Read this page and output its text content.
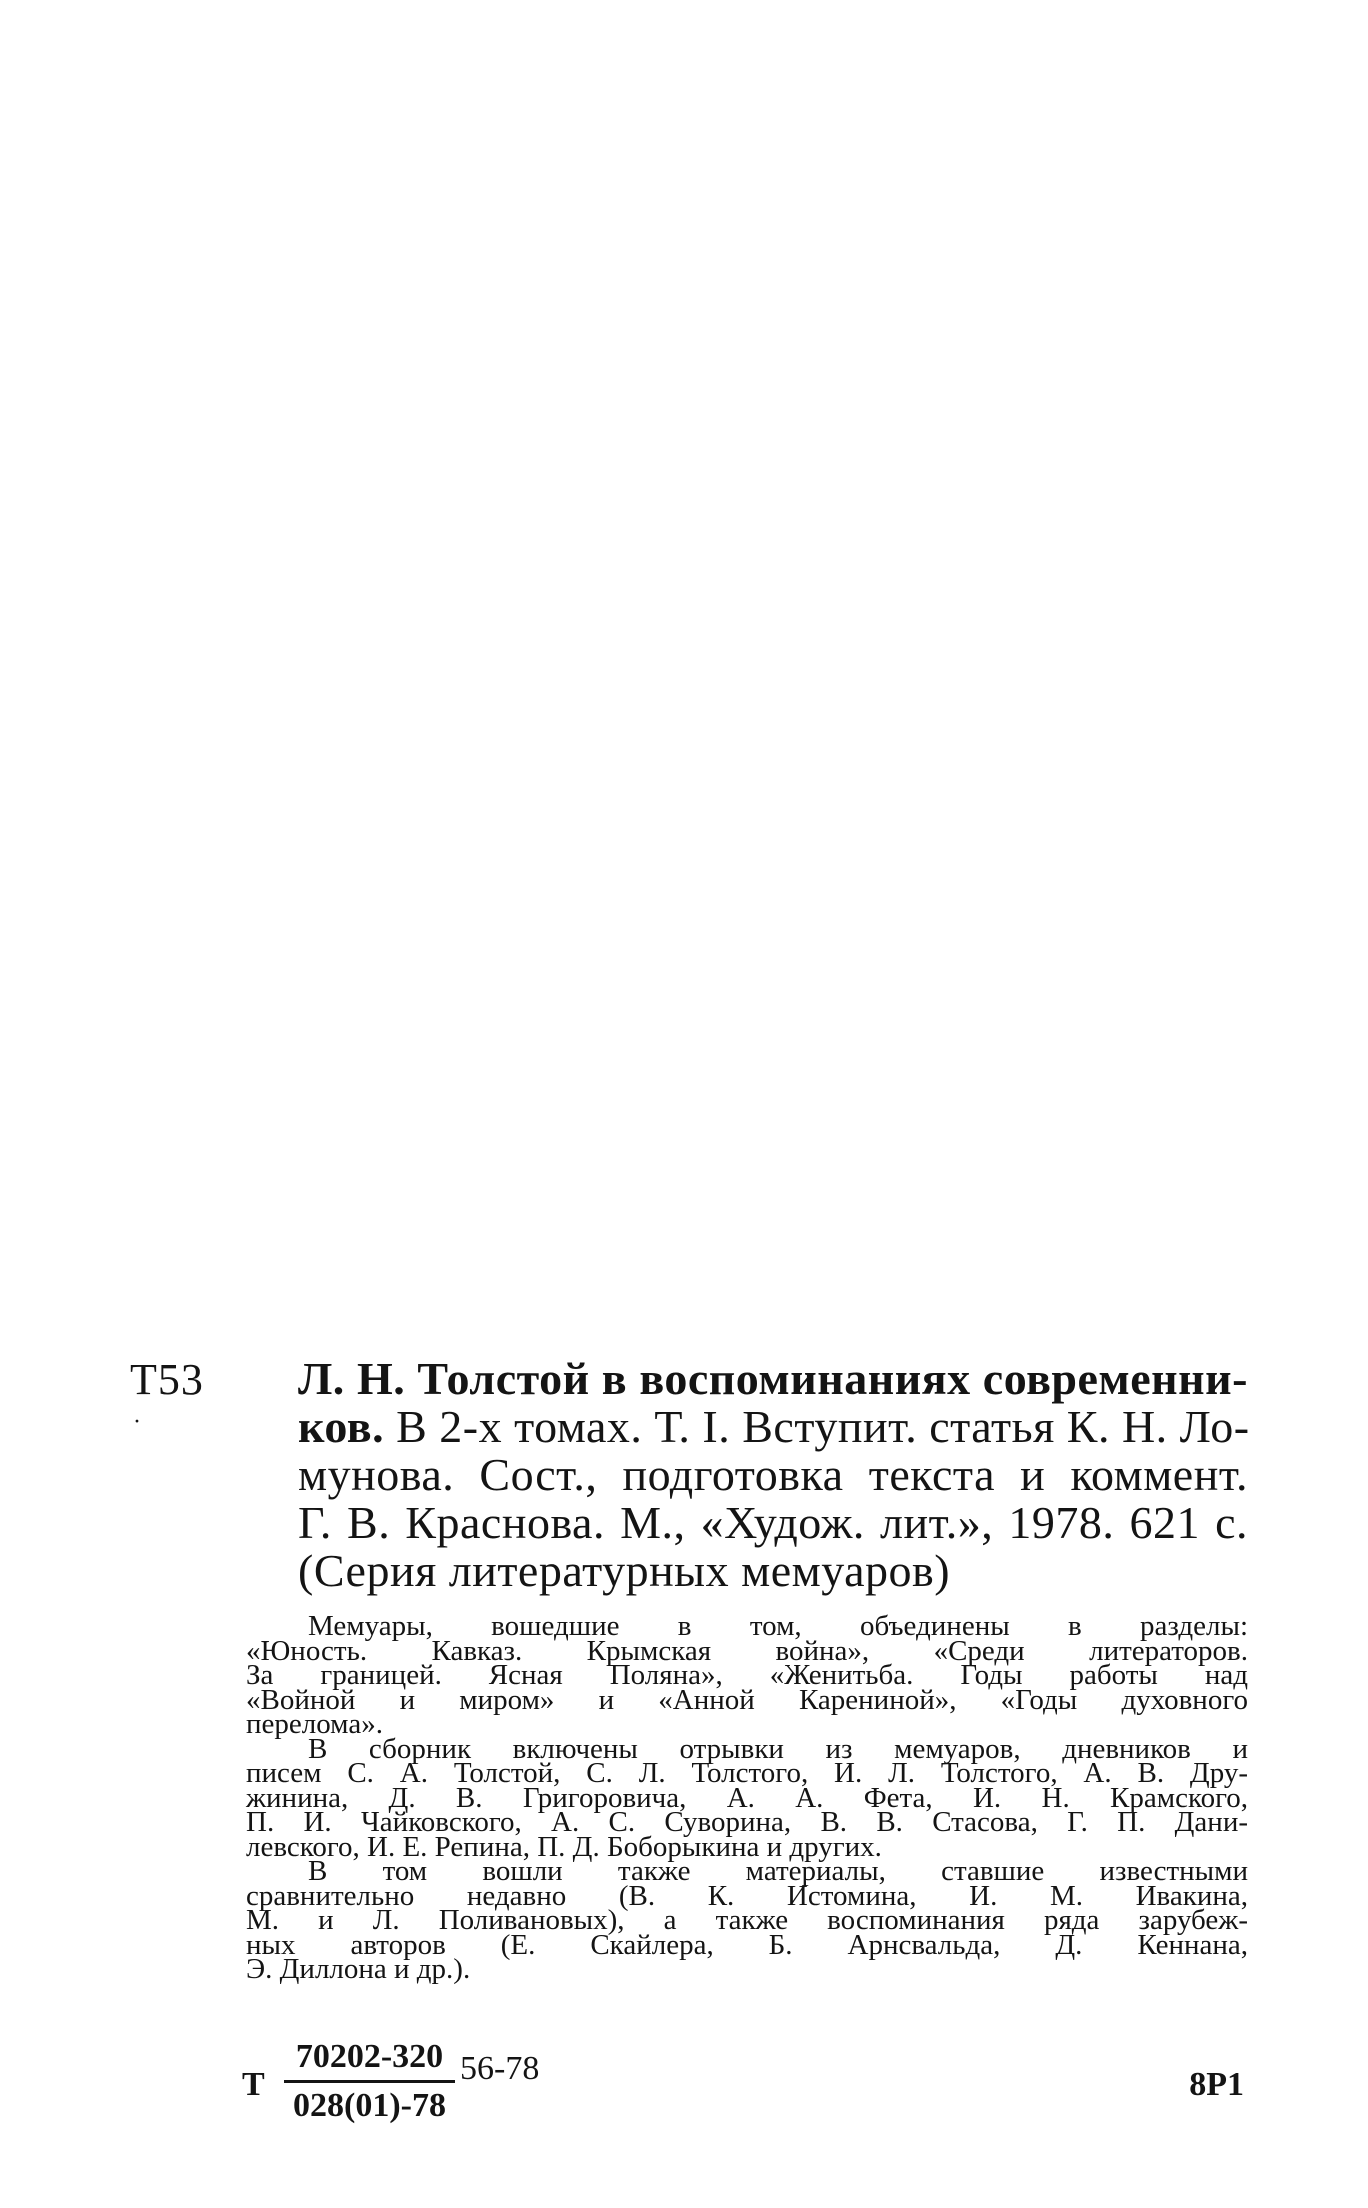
Т53
·
Л. Н. Толстой в воспоминаниях современни-
ков. В 2-х томах. Т. I. Вступит. статья К. Н. Ло-
мунова. Сост., подготовка текста и коммент.
Г. В. Краснова. М., «Худож. лит.», 1978. 621 с.
(Серия литературных мемуаров)
Мемуары, вошедшие в том, объединены в разделы:
«Юность. Кавказ. Крымская война», «Среди литераторов.
За границей. Ясная Поляна», «Женитьба. Годы работы над
«Войной и миром» и «Анной Карениной», «Годы духовного
перелома».
В сборник включены отрывки из мемуаров, дневников и
писем С. А. Толстой, С. Л. Толстого, И. Л. Толстого, А. В. Дру-
жинина, Д. В. Григоровича, А. А. Фета, И. Н. Крамского,
П. И. Чайковского, А. С. Суворина, В. В. Стасова, Г. П. Дани-
левского, И. Е. Репина, П. Д. Боборыкина и других.
В том вошли также материалы, ставшие известными
сравнительно недавно (В. К. Истомина, И. М. Ивакина,
М. и Л. Поливановых), а также воспоминания ряда зарубеж-
ных авторов (Е. Скайлера, Б. Арнсвальда, Д. Кеннана,
Э. Диллона и др.).
Т
70202-320
028(01)-78
56-78	8Р1
